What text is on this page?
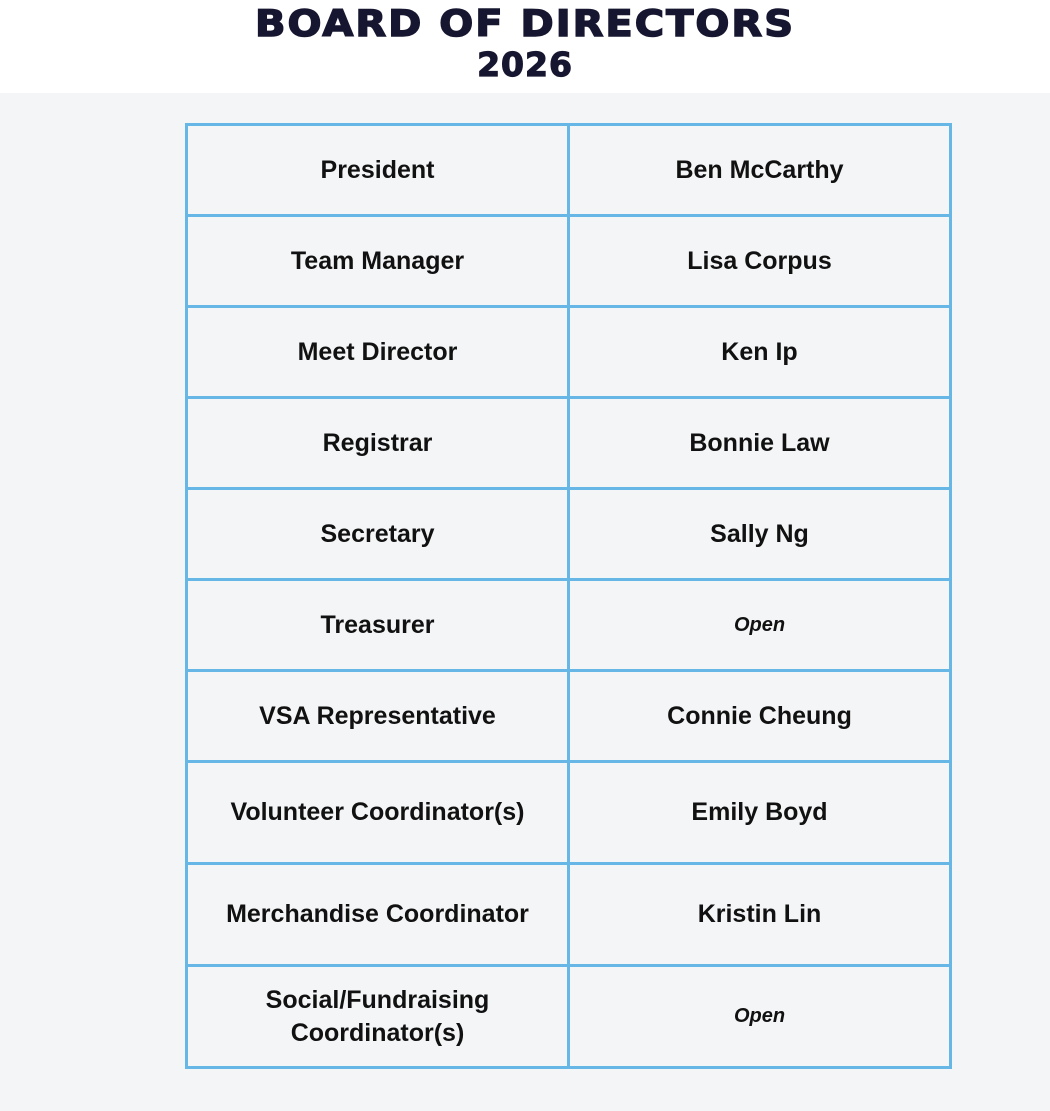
BOARD OF DIRECTORS
2026
President	Ben McCarthy
Team Manager	Lisa Corpus
Meet Director	Ken Ip
Registrar	Bonnie Law
Secretary	Sally Ng
Treasurer	Open
VSA Representative	Connie Cheung
Volunteer Coordinator(s)	Emily Boyd
Merchandise Coordinator	Kristin Lin
Social/Fundraising Coordinator(s)	Open
